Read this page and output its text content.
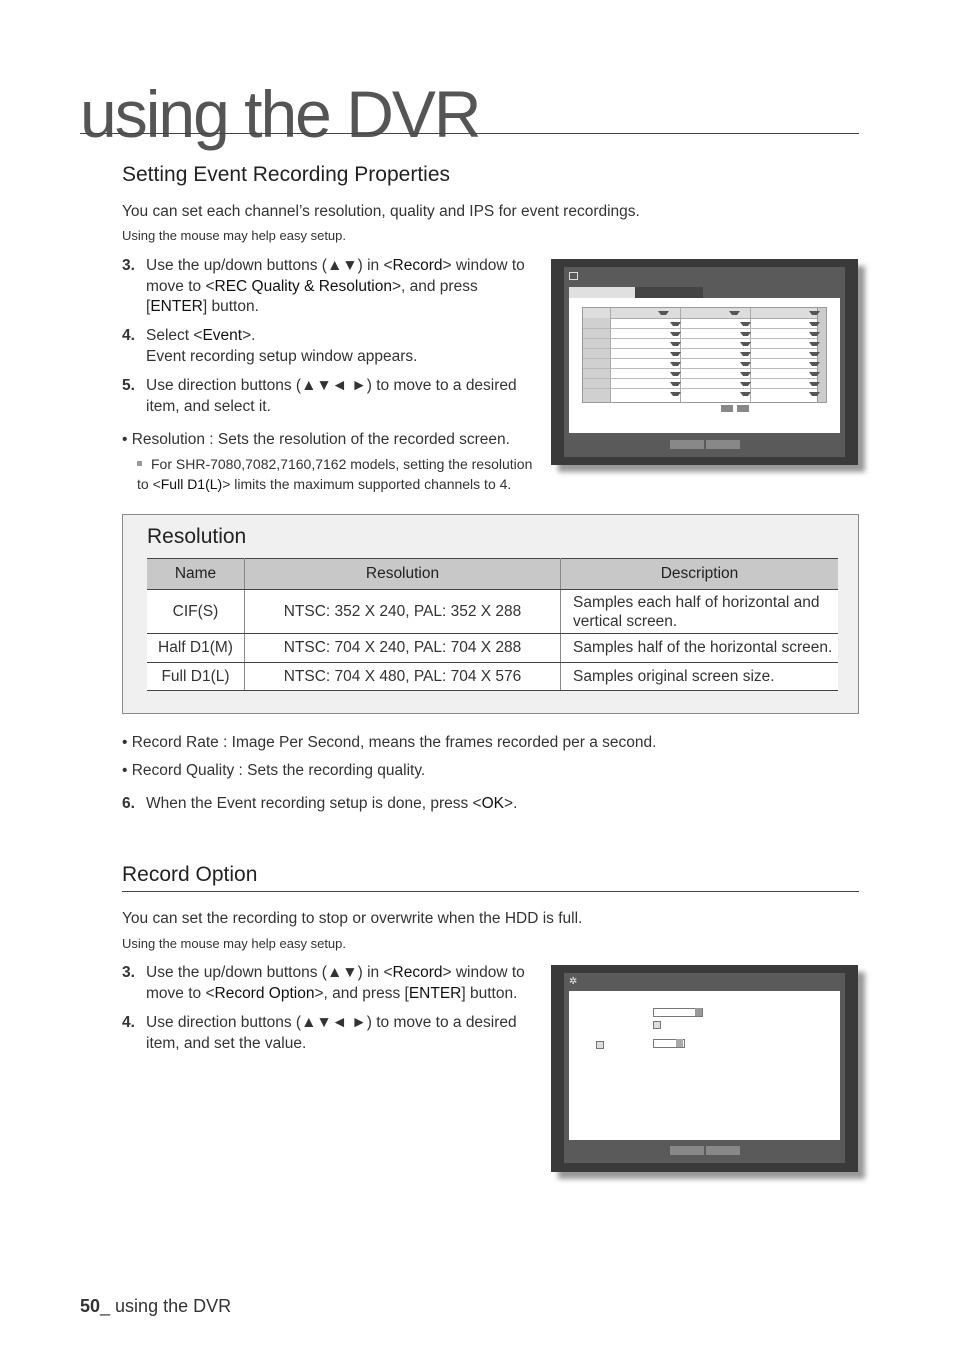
using the DVR
Setting Event Recording Properties
You can set each channel’s resolution, quality and IPS for event recordings.
Using the mouse may help easy setup.
3. Use the up/down buttons (▲▼) in <Record> window to move to <REC Quality & Resolution>, and press [ENTER] button.
4. Select <Event>.
Event recording setup window appears.
5. Use direction buttons (▲▼◄ ►) to move to a desired item, and select it.
• Resolution : Sets the resolution of the recorded screen.
For SHR-7080,7082,7160,7162 models, setting the resolution to <Full D1(L)> limits the maximum supported channels to 4.
Resolution
Name	Resolution	Description
CIF(S)	NTSC: 352 X 240, PAL: 352 X 288	Samples each half of horizontal and vertical screen.
Half D1(M)	NTSC: 704 X 240, PAL: 704 X 288	Samples half of the horizontal screen.
Full D1(L)	NTSC: 704 X 480, PAL: 704 X 576	Samples original screen size.
• Record Rate : Image Per Second, means the frames recorded per a second.
• Record Quality : Sets the recording quality.
6. When the Event recording setup is done, press <OK>.
Record Option
You can set the recording to stop or overwrite when the HDD is full.
Using the mouse may help easy setup.
3. Use the up/down buttons (▲▼) in <Record> window to move to <Record Option>, and press [ENTER] button.
4. Use direction buttons (▲▼◄ ►) to move to a desired item, and set the value.
✲
50_ using the DVR
